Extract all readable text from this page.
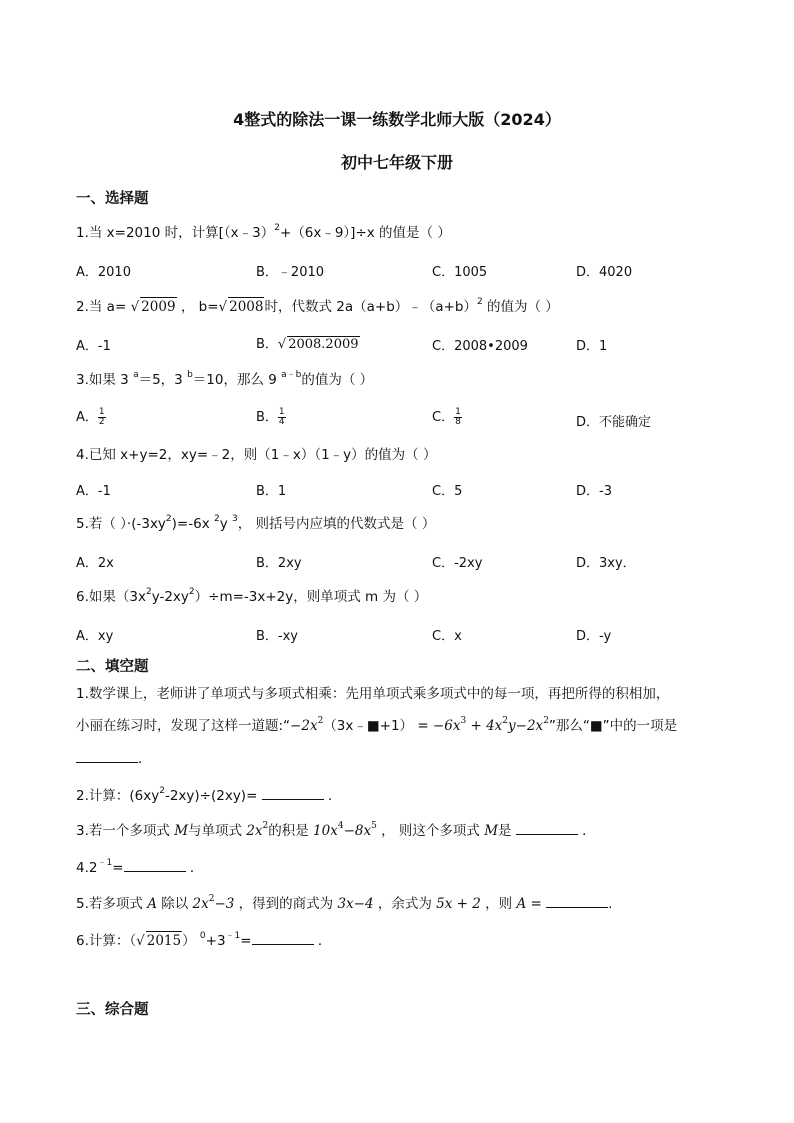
4整式的除法一课一练数学北师大版（2024）
初中七年级下册
一、选择题
1.当 x=2010 时，计算[（x﹣3）$^2$+（6x﹣9）]÷x 的值是（ ）
A．2010	B．﹣2010	C．1005	D．4020
2.当 a= √ 2009 ， b=√ 2008时，代数式 $2a(a+b)﹣(a+b)^2$ 的值为（ ）
A．-1	B．√ 2008.2009	C．2008•2009	D．1
3.如果 3 $^a$＝5，3 $^b$＝10，那么 9 $^{a﹣b}$的值为（ ）
A． $\frac{1}{2}$	B． $\frac{1}{4}$	C． $\frac{1}{8}$	D．不能确定
4.已知 x+y=2，xy=﹣2，则（1﹣x）（1﹣y）的值为（ ）
A．-1	B．1	C．5	D．-3
5.若（ ）$\cdot(-3xy^2)=-6x$ $^2$y $^3$， 则括号内应填的代数式是（ ）
A．2x	B．2xy	C．-2xy	D．3xy．
6.如果$(3x^2y-2xy^2)\div m=-3x+2y$，则单项式 m 为（ ）
A．xy	B．-xy	C．x	D．-y
二、填空题
1.数学课上，老师讲了单项式与多项式相乘：先用单项式乘多项式中的每一项，再把所得的积相加，
小丽在练习时，发现了这样一道题$:“-2x^2(3x﹣■+1) = -6x^3 + 4x^2y-2x^2$”那么“■”中的一项是
．
2.计算：$(6xy^2-2xy)\div(2xy)=$	．
3.若一个多项式 M与单项式 $2x^2$的积是 $10x^4-8x^5$ ， 则这个多项式 M是	．
$4.2^{﹣1}=$	．
5.若多项式 A 除以 $2x^2-3$ ，得到的商式为 3x−4 ，余式为 5x + 2 ，则 A =	.
6.计算：（√ 2015） $^0+3^{﹣1}=$	．
三、综合题
